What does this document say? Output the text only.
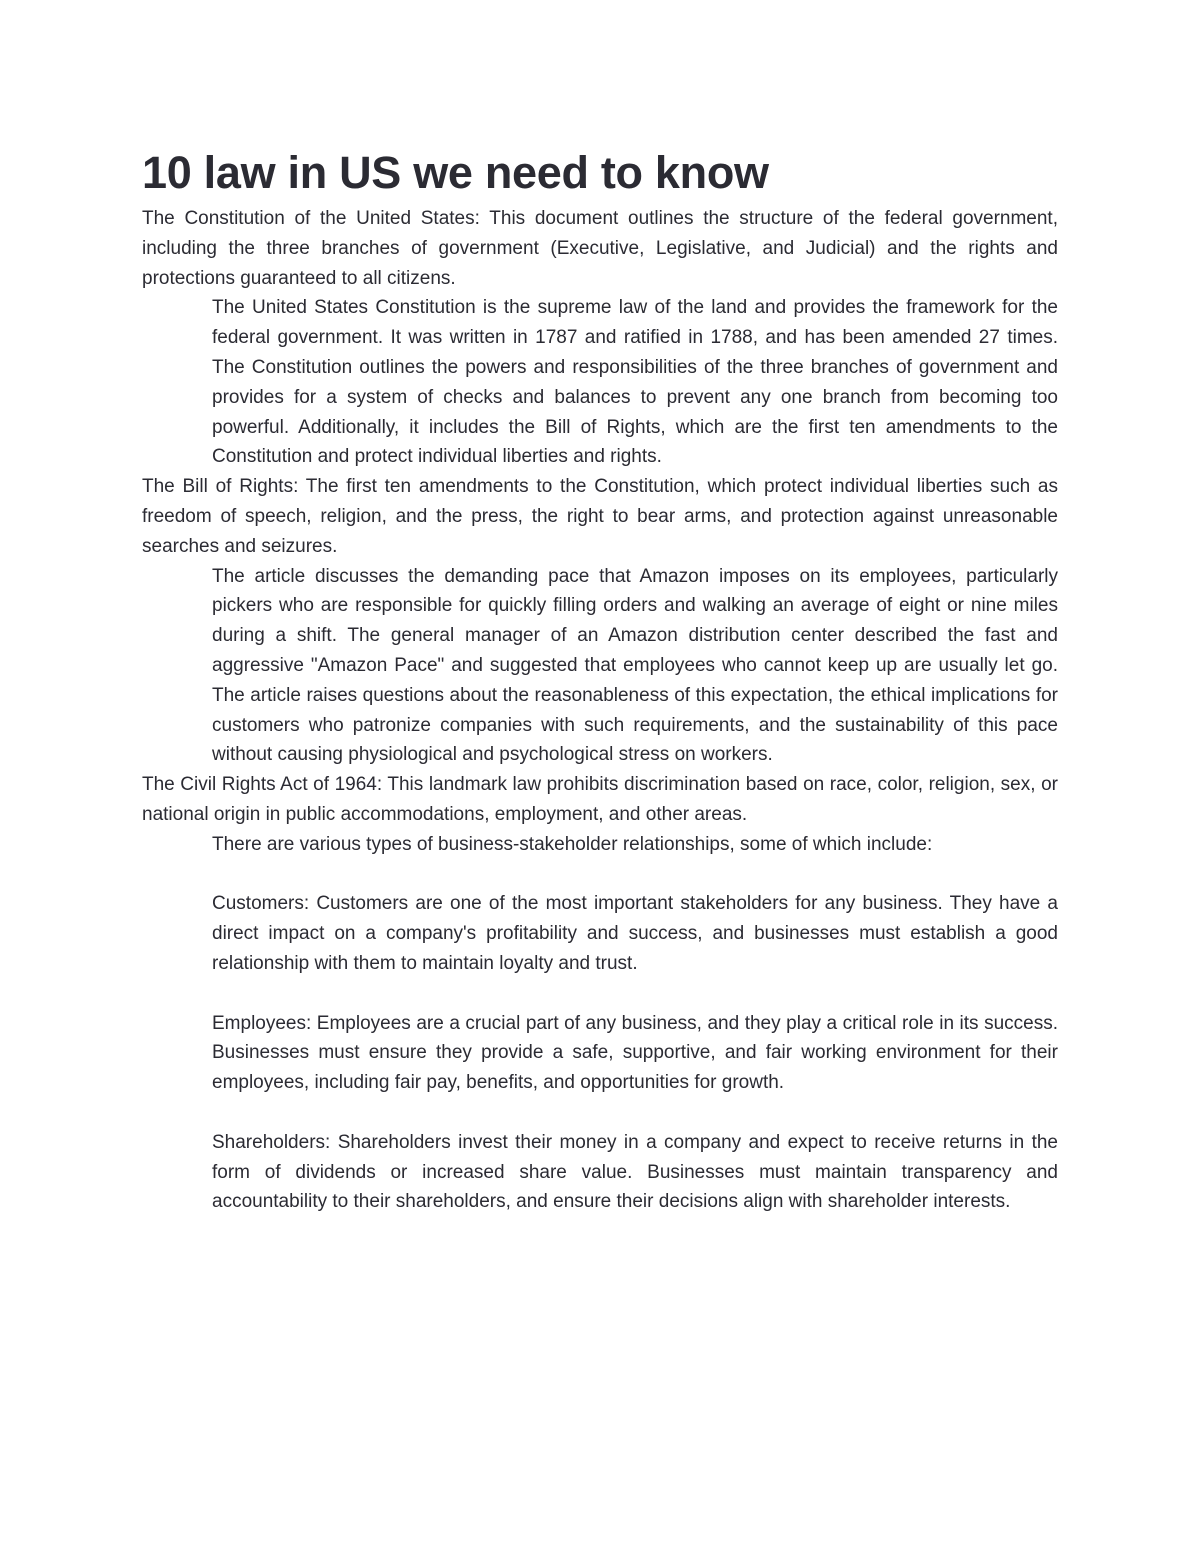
10 law in US we need to know

The Constitution of the United States: This document outlines the structure of the federal government, including the three branches of government (Executive, Legislative, and Judicial) and the rights and protections guaranteed to all citizens.

The United States Constitution is the supreme law of the land and provides the framework for the federal government. It was written in 1787 and ratified in 1788, and has been amended 27 times. The Constitution outlines the powers and responsibilities of the three branches of government and provides for a system of checks and balances to prevent any one branch from becoming too powerful. Additionally, it includes the Bill of Rights, which are the first ten amendments to the Constitution and protect individual liberties and rights.

The Bill of Rights: The first ten amendments to the Constitution, which protect individual liberties such as freedom of speech, religion, and the press, the right to bear arms, and protection against unreasonable searches and seizures.

The article discusses the demanding pace that Amazon imposes on its employees, particularly pickers who are responsible for quickly filling orders and walking an average of eight or nine miles during a shift. The general manager of an Amazon distribution center described the fast and aggressive "Amazon Pace" and suggested that employees who cannot keep up are usually let go. The article raises questions about the reasonableness of this expectation, the ethical implications for customers who patronize companies with such requirements, and the sustainability of this pace without causing physiological and psychological stress on workers.

The Civil Rights Act of 1964: This landmark law prohibits discrimination based on race, color, religion, sex, or national origin in public accommodations, employment, and other areas.

There are various types of business-stakeholder relationships, some of which include:

Customers: Customers are one of the most important stakeholders for any business. They have a direct impact on a company's profitability and success, and businesses must establish a good relationship with them to maintain loyalty and trust.

Employees: Employees are a crucial part of any business, and they play a critical role in its success. Businesses must ensure they provide a safe, supportive, and fair working environment for their employees, including fair pay, benefits, and opportunities for growth.

Shareholders: Shareholders invest their money in a company and expect to receive returns in the form of dividends or increased share value. Businesses must maintain transparency and accountability to their shareholders, and ensure their decisions align with shareholder interests.
